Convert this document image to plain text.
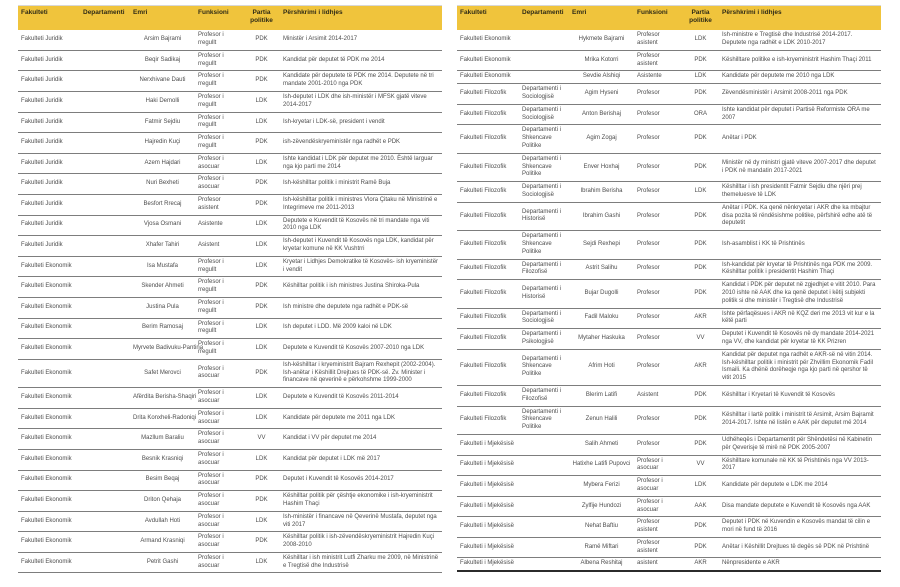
Fakulteti	Departamenti	Emri	Funksioni	Partia politike	Përshkrimi i lidhjes
Fakulteti Juridik		Arsim Bajrami	Profesor i rregullt	PDK	Ministër i Arsimit 2014-2017
Fakulteti Juridik		Beqir Sadikaj	Profesor i rregullt	PDK	Kandidat për deputet të PDK me 2014
Fakulteti Juridik		Nerxhivane Dauti	Profesor i rregullt	PDK	Kandidate për deputete të PDK me 2014. Deputete në tri mandate 2001-2010 nga PDK
Fakulteti Juridik		Haki Demolli	Profesor i rregullt	LDK	Ish-deputet i LDK dhe ish-ministër i MFSK gjatë viteve 2014-2017
Fakulteti Juridik		Fatmir Sejdiu	Profesor i rregullt	LDK	Ish-kryetar i LDK-së, president i vendit
Fakulteti Juridik		Hajredin Kuçi	Profesor i rregullt	PDK	ish-zëvendëskryeministër nga radhët e PDK
Fakulteti Juridik		Azem Hajdari	Profesor i asocuar	LDK	Ishte kandidat i LDK për deputet me 2010. Është larguar nga kjo parti me 2014
Fakulteti Juridik		Nuri Bexheti	Profesor i asocuar	PDK	Ish-këshilltar politik i ministrit Ramë Buja
Fakulteti Juridik		Besfort Rrecaj	Profesor asistent	PDK	Ish-këshilltar politik i ministres Vlora Çitaku në Ministrinë e Integrimeve me 2011-2013
Fakulteti Juridik		Vjosa Osmani	Asistente	LDK	Deputete e Kuvendit të Kosovës në tri mandate nga viti 2010 nga LDK
Fakulteti Juridik		Xhafer Tahiri	Asistent	LDK	Ish-deputet i Kuvendit të Kosovës nga LDK, kandidat për kryetar komune në KK Vushtrri
Fakulteti Ekonomik		Isa Mustafa	Profesor i rregullt	LDK	Kryetar i Lidhjes Demokratike të Kosovës- ish kryeministër i vendit
Fakulteti Ekonomik		Skender Ahmeti	Profesor i rregullt	PDK	Këshilltar politik i ish ministres Justina Shiroka-Pula
Fakulteti Ekonomik		Justina Pula	Profesor i rregullt	PDK	Ish ministre dhe deputete nga radhët e PDK-së
Fakulteti Ekonomik		Berim Ramosaj	Profesor i rregullt	LDK	Ish deputet i LDD. Më 2009 kaloi në LDK
Fakulteti Ekonomik		Myrvete Badivuku-Pantina	Profesor i rregullt	LDK	Deputete e Kuvendit të Kosovës 2007-2010 nga LDK
Fakulteti Ekonomik		Safet Merovci	Profesor i asocuar	PDK	Ish-këshilltar i kryeministrit Bajram Rexhepit (2002-2004). Ish-anëtar i Këshillit Drejtues të PDK-së. Zv. Minister i financave në qeverinë e përkohshme 1999-2000
Fakulteti Ekonomik		Afërdita Berisha-Shaqiri	Profesor i asocuar	LDK	Deputete e Kuvendit të Kosovës 2011-2014
Fakulteti Ekonomik		Drita Konxheli-Radoniqi	Profesor i asocuar	LDK	Kandidate për deputete me 2011 nga LDK
Fakulteti Ekonomik		Mazllum Baraliu	Profesor i asocuar	VV	Kandidat i VV për deputet me 2014
Fakulteti Ekonomik		Besnik Krasniqi	Profesor i asocuar	LDK	Kandidat për deputet i LDK më 2017
Fakulteti Ekonomik		Besim Beqaj	Profesor i asocuar	PDK	Deputet i Kuvendit të Kosovës 2014-2017
Fakulteti Ekonomik		Driton Qehaja	Profesor i asocuar	PDK	Këshilltar politik për çështje ekonomike i ish-kryeministrit Hashim Thaçi
Fakulteti Ekonomik		Avdullah Hoti	Profesor i asocuar	LDK	Ish-ministër i financave në Qeverinë Mustafa, deputet nga viti 2017
Fakulteti Ekonomik		Armand Krasniqi	Profesor i asocuar	PDK	Këshilltar politik i ish-zëvendëskryeministrit Hajredin Kuçi 2008-2010
Fakulteti Ekonomik		Petrit Gashi	Profesor i asocuar	LDK	Këshilltar i ish ministrit Lutfi Zharku me 2009, në Ministrinë e Tregtisë dhe Industrisë
Fakulteti	Departamenti	Emri	Funksioni	Partia politike	Përshkrimi i lidhjes
Fakulteti Ekonomik		Hykmete Bajrami	Profesor asistent	LDK	Ish-ministre e Tregtisë dhe Industrisë 2014-2017. Deputete nga radhët e LDK 2010-2017
Fakulteti Ekonomik		Mrika Kotorri	Profesor asistent	PDK	Këshilltare politike e ish-kryeministrit Hashim Thaçi 2011
Fakulteti Ekonomik		Sevdie Alshiqi	Asistente	LDK	Kandidate për deputete me 2010 nga LDK
Fakulteti Filozofik	Departamenti i Sociologjisë	Agim Hyseni	Profesor	PDK	Zëvendësministër i Arsimit 2008-2011 nga PDK
Fakulteti Filozofik	Departamenti i Sociologjisë	Anton Berishaj	Profesor	ORA	Ishte kandidat për deputet i Partisë Reformiste ORA me 2007
Fakulteti Filozofik	Departamenti i Shkencave Politike	Agim Zogaj	Profesor	PDK	Anëtar i PDK
Fakulteti Filozofik	Departamenti i Shkencave Politike	Enver Hoxhaj	Profesor	PDK	Ministër në dy ministri gjatë viteve 2007-2017 dhe deputet i PDK në mandatin 2017-2021
Fakulteti Filozofik	Departamenti i Sociologjisë	Ibrahim Berisha	Profesor	LDK	Këshilltar i ish presidentit Fatmir Sejdiu dhe njëri prej themeluesve të LDK
Fakulteti Filozofik	Departamenti i Historisë	Ibrahim Gashi	Profesor	PDK	Anëtar i PDK. Ka qenë nënkryetar i AKR dhe ka mbajtur disa pozita të rëndësishme politike, përfshirë edhe atë të deputetit
Fakulteti Filozofik	Departamenti i Shkencave Politike	Sejdi Rexhepi	Profesor	PDK	Ish-asamblist i KK të Prishtinës
Fakulteti Filozofik	Departamenti i Filozofisë	Astrit Salihu	Profesor	PDK	Ish-kandidat për kryetar të Prishtinës nga PDK me 2009. Këshilltar politik i presidentit Hashim Thaçi
Fakulteti Filozofik	Departamenti i Historisë	Bujar Dugolli	Profesor	PDK	Kandidat i PDK për deputet në zgjedhjet e vitit 2010. Para 2010 ishte në AAK dhe ka qenë deputet i këtij subjekti politik si dhe ministër i Tregtisë dhe Industrisë
Fakulteti Filozofik	Departamenti i Sociologjisë	Fadil Maloku	Profesor	AKR	Ishte përfaqësues i AKR në KQZ deri me 2013 vit kur e la këtë parti
Fakulteti Filozofik	Departamenti i Psikologjisë	Mytaher Haskuka	Profesor	VV	Deputet i Kuvendit të Kosovës në dy mandate 2014-2021 nga VV, dhe kandidat për kryetar të KK Prizren
Fakulteti Filozofik	Departamenti i Shkencave Politike	Afrim Hoti	Profesor	AKR	Kandidat për deputet nga radhët e AKR-së në vitin 2014. Ish-këshilltar politik i ministrit për Zhvillim Ekonomik Fadil Ismaili. Ka dhënë dorëheqje nga kjo parti në qershor të vitit 2015
Fakulteti Filozofik	Departamenti i Filozofisë	Blerim Latifi	Asistent	PDK	Këshilltar i Kryetari të Kuvendit të Kosovës
Fakulteti Filozofik	Departamenti i Shkencave Politike	Zenun Halili	Profesor	PDK	Këshilltar i lartë politik i ministrit të Arsimit, Arsim Bajramit 2014-2017. Ishte në listën e AAK për deputet më 2014
Fakulteti i Mjekësisë		Salih Ahmeti	Profesor	PDK	Udhëheqës i Departamentit për Shëndetësi në Kabinetin për Qeverisje të mirë në PDK 2005-2007
Fakulteti i Mjekësisë		Hatixhe Latifi Pupovci	Profesor i asocuar	VV	Këshilltare komunale në KK të Prishtinës nga VV 2013-2017
Fakulteti i Mjekësisë		Mybera Ferizi	Profesor i asocuar	LDK	Kandidate për deputete e LDK me 2014
Fakulteti i Mjekësisë		Zylfije Hundozi	Profesor i asocuar	AAK	Disa mandate deputete e Kuvendit të Kosovës nga AAK
Fakulteti i Mjekësisë		Nehat Baftiu	Profesor asistent	PDK	Deputet i PDK në Kuvendin e Kosovës mandat të cilin e mori në fund të 2016
Fakulteti i Mjekësisë		Ramë Miftari	Profesor asistent	PDK	Anëtar i Këshillit Drejtues të degës së PDK në Prishtinë
Fakulteti i Mjekësisë		Albena Reshitaj	asistent	AKR	Nënpresidente e AKR
